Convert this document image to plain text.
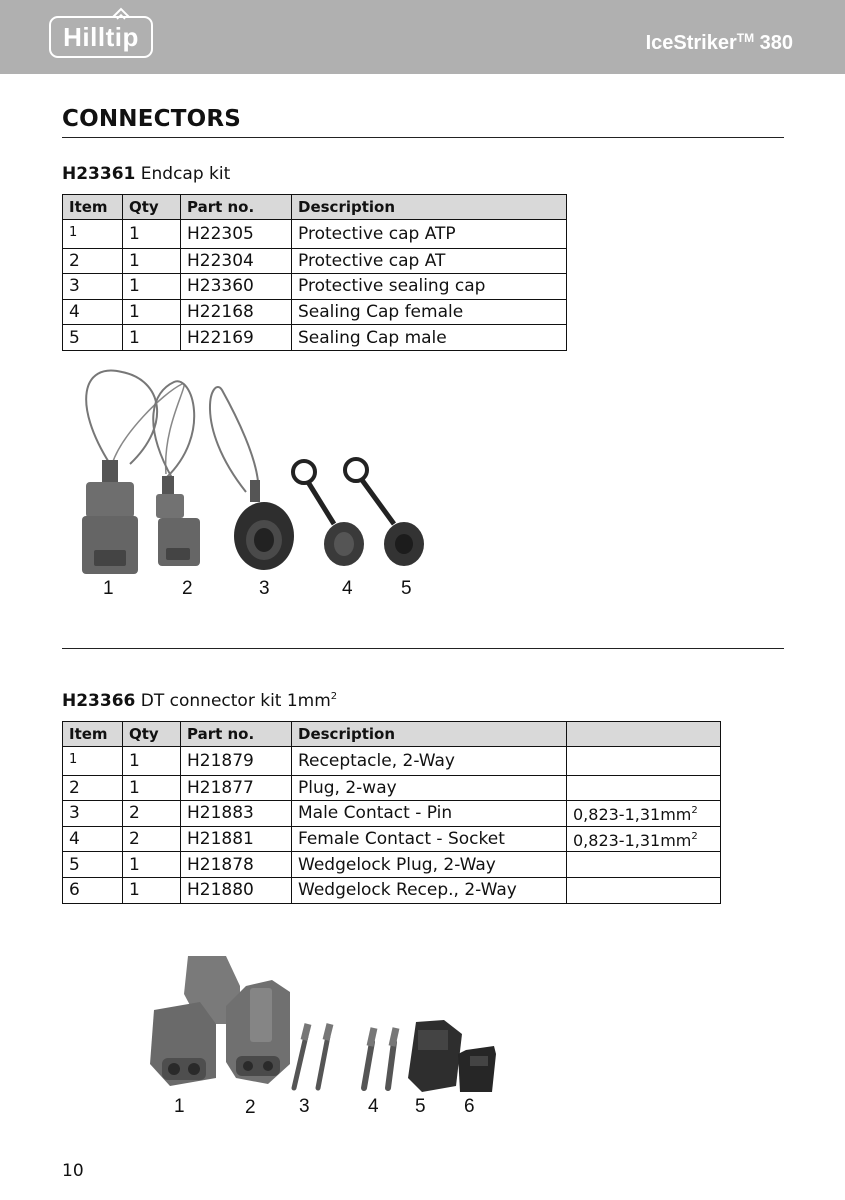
Hilltip	IceStriker™ 380
CONNECTORS

H23361 Endcap kit

Item	Qty	Part no.	Description
1	1	H22305	Protective cap ATP
2	1	H22304	Protective cap AT
3	1	H23360	Protective sealing cap
4	1	H22168	Sealing Cap female
5	1	H22169	Sealing Cap male
1	2	3	4	5

H23366 DT connector kit $1mm^2$

Item	Qty	Part no.	Description	
1	1	H21879	Receptacle, 2-Way	
2	1	H21877	Plug, 2-way	
3	2	H21883	Male Contact - Pin	$0,823-1,31mm^2$
4	2	H21881	Female Contact - Socket	$0,823-1,31mm^2$
5	1	H21878	Wedgelock Plug, 2-Way	
6	1	H21880	Wedgelock Recep., 2-Way	
1	2 3	4 5 6
10
